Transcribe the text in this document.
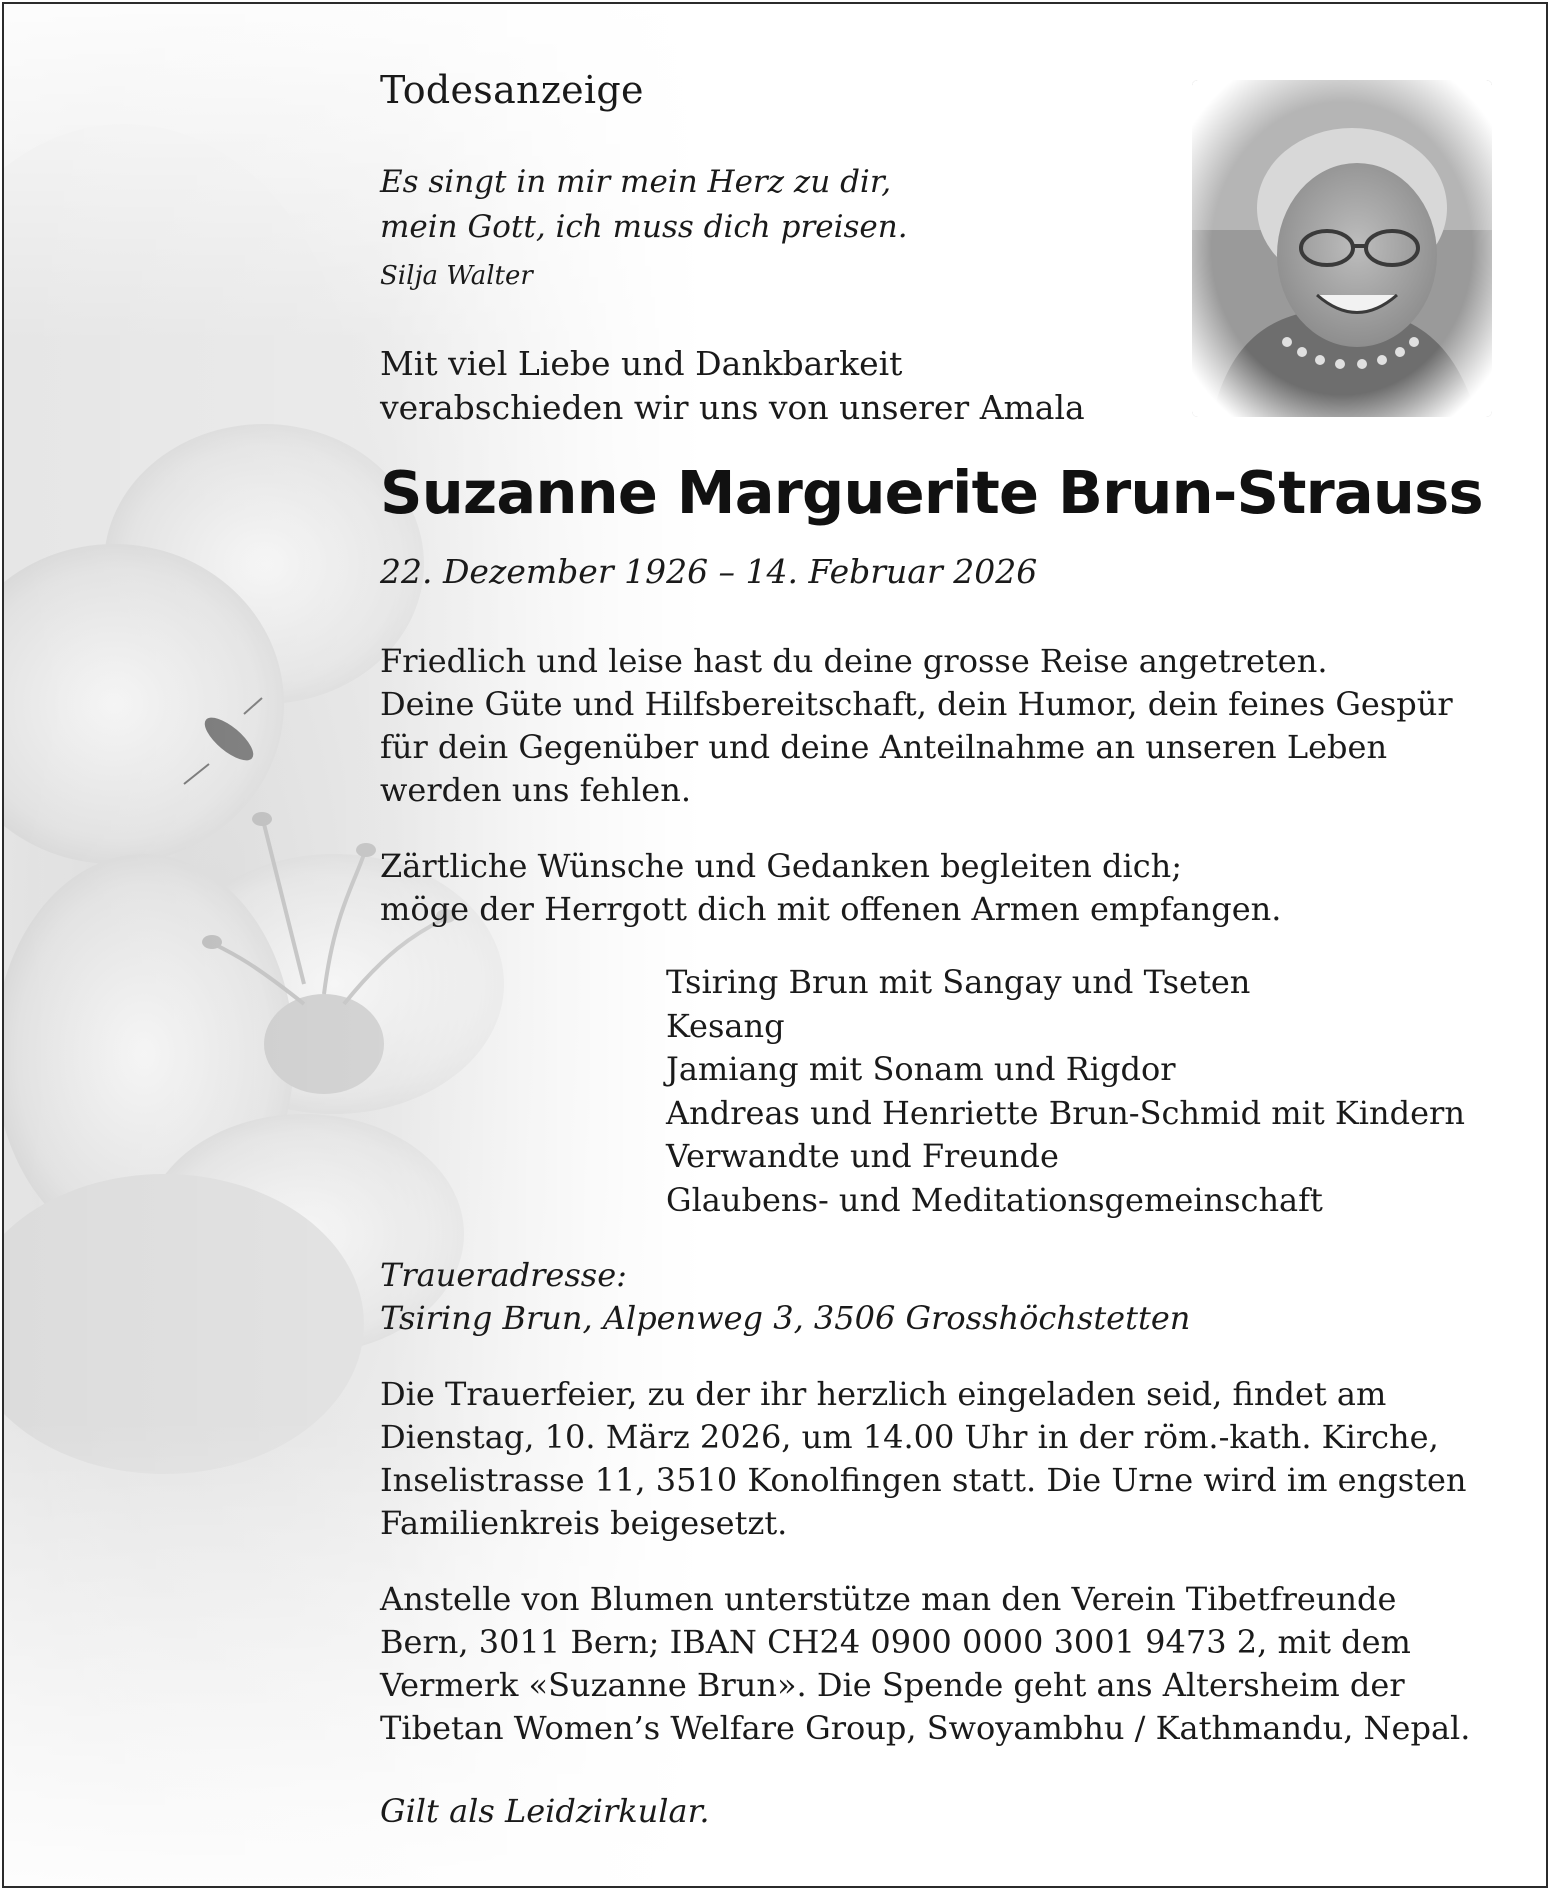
Todesanzeige
Es singt in mir mein Herz zu dir,
mein Gott, ich muss dich preisen.
Silja Walter
Mit viel Liebe und Dankbarkeit
verabschieden wir uns von unserer Amala
Suzanne Marguerite Brun-Strauss
22. Dezember 1926 – 14. Februar 2026
Friedlich und leise hast du deine grosse Reise angetreten.
Deine Güte und Hilfsbereitschaft, dein Humor, dein feines Gespür
für dein Gegenüber und deine Anteilnahme an unseren Leben
werden uns fehlen.
Zärtliche Wünsche und Gedanken begleiten dich;
möge der Herrgott dich mit offenen Armen empfangen.
Tsiring Brun mit Sangay und Tseten
Kesang
Jamiang mit Sonam und Rigdor
Andreas und Henriette Brun-Schmid mit Kindern
Verwandte und Freunde
Glaubens- und Meditationsgemeinschaft
Traueradresse:
Tsiring Brun, Alpenweg 3, 3506 Grosshöchstetten
Die Trauerfeier, zu der ihr herzlich eingeladen seid, findet am
Dienstag, 10. März 2026, um 14.00 Uhr in der röm.-kath. Kirche,
Inselistrasse 11, 3510 Konolfingen statt. Die Urne wird im engsten
Familienkreis beigesetzt.
Anstelle von Blumen unterstütze man den Verein Tibetfreunde
Bern, 3011 Bern; IBAN CH24 0900 0000 3001 9473 2, mit dem
Vermerk «Suzanne Brun». Die Spende geht ans Altersheim der
Tibetan Women’s Welfare Group, Swoyambhu / Kathmandu, Nepal.
Gilt als Leidzirkular.
